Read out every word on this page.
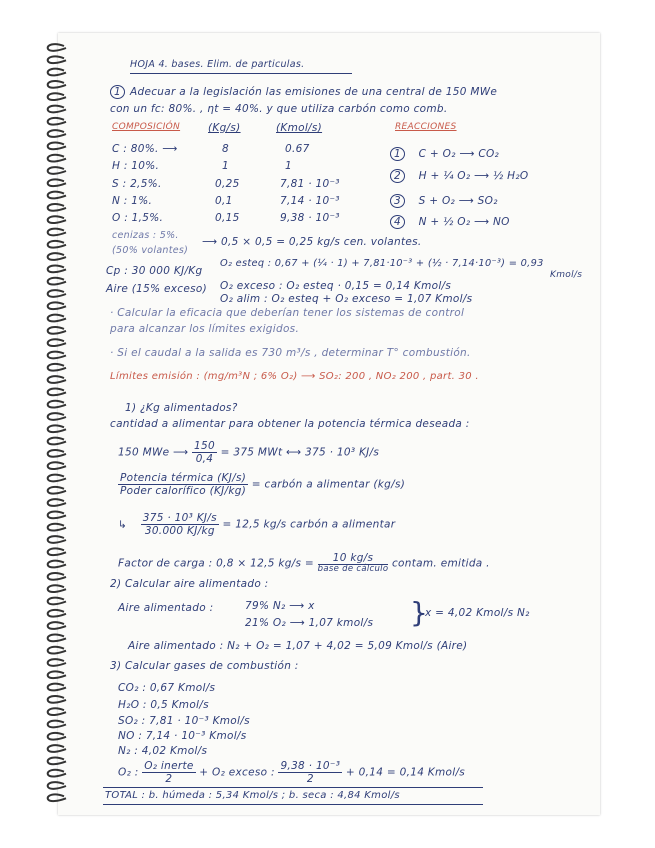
HOJA 4. bases. Elim. de particulas.
1 Adecuar a la legislación las emisiones de una central de 150 MWe
con un fc: 80%. , ηt = 40%. y que utiliza carbón como comb.
COMPOSICIÓN	(Kg/s)	(Kmol/s)	REACCIONES
C : 80%. ⟶	8	0.67
H : 10%.	1	1
S : 2,5%.	0,25	7,81 · 10⁻³
N : 1%.	0,1	7,14 · 10⁻³
O : 1,5%.	0,15	9,38 · 10⁻³
1 C + O₂ ⟶ CO₂
2 H + ¼ O₂ ⟶ ½ H₂O
3 S + O₂ ⟶ SO₂
4 N + ½ O₂ ⟶ NO
cenizas : 5%.
(50% volantes)
⟶ 0,5 × 0,5 = 0,25 kg/s cen. volantes.
Cp : 30 000 KJ/Kg
O₂ esteq : 0,67 + (¼ · 1) + 7,81·10⁻³ + (½ · 7,14·10⁻³) = 0,93
Kmol/s
Aire (15% exceso) O₂ exceso : O₂ esteq · 0,15 = 0,14 Kmol/s
O₂ alim : O₂ esteq + O₂ exceso = 1,07 Kmol/s
· Calcular la eficacia que deberían tener los sistemas de control
para alcanzar los límites exigidos.
· Si el caudal a la salida es 730 m³/s , determinar T° combustión.
Límites emisión : (mg/m³N ; 6% O₂) ⟶ SO₂: 200 , NO₂ 200 , part. 30 .
1) ¿Kg alimentados?
cantidad a alimentar para obtener la potencia térmica deseada :
150 MWe ⟶ $\frac{150}{0,4} = 375$ MWt ⟷ 375 · 10³ KJ/s
$\frac{\text{Potencia térmica (KJ/s)}}{\text{Poder calorífico (KJ/kg)}}$ = carbón a alimentar (kg/s)
↳ $\frac{\text{375 · 10³ KJ/s}}{30.000 KJ/kg} = 12,5$ kg/s carbón a alimentar
Factor de carga : 0,8 × 12,5 $kg/s = \frac{10 kg/s}{\text{base de cálculo}}$ contam. emitida .
2) Calcular aire alimentado :
Aire alimentado :	79% N₂ ⟶ x
21% O₂ ⟶ 1,07 kmol/s }
x = 4,02 Kmol/s N₂
Aire alimentado : N₂ + O₂ = 1,07 + 4,02 = 5,09 Kmol/s (Aire)
3) Calcular gases de combustión :
CO₂ : 0,67 Kmol/s
H₂O : 0,5 Kmol/s
SO₂ : 7,81 · 10⁻³ Kmol/s
NO : 7,14 · 10⁻³ Kmol/s
N₂ : 4,02 Kmol/s
O₂ : $\frac{\text{O₂ inerte}}{2} + O_2$ exceso : $\frac{\text{9,38 · 10⁻³}}{2} + 0,14 = 0,14$ Kmol/s
TOTAL : b. húmeda : 5,34 Kmol/s ; b. seca : 4,84 Kmol/s
